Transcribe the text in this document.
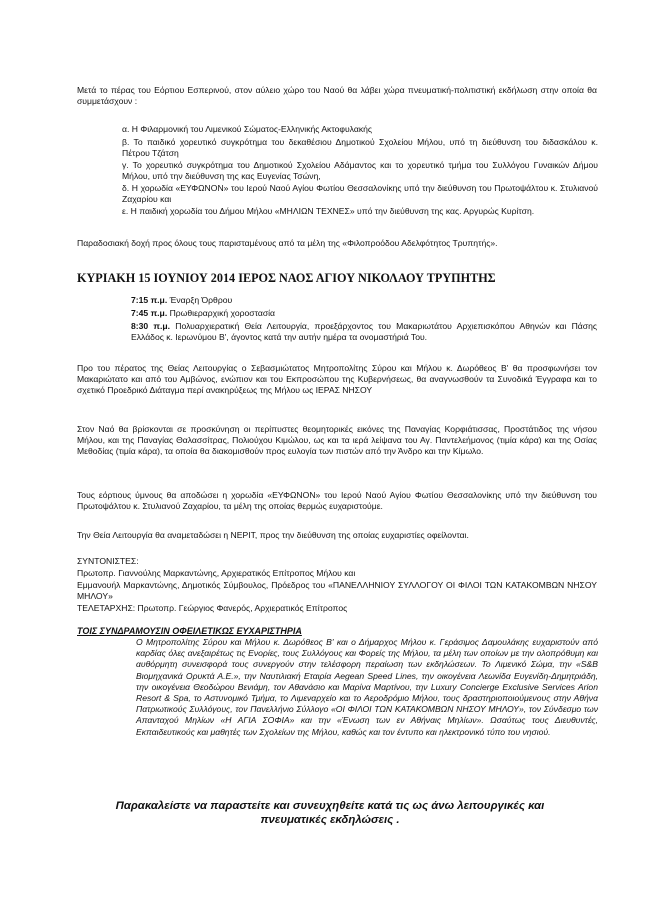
Μετά το πέρας του Εόρτιου Εσπερινού, στον αύλειο χώρο του Ναού θα λάβει χώρα πνευματική-πολιτιστική εκδήλωση στην οποία θα συμμετάσχουν :

α. Η Φιλαρμονική του Λιμενικού Σώματος-Ελληνικής Ακτοφυλακής

β. Το παιδικό χορευτικό συγκρότημα του δεκαθέσιου Δημοτικού Σχολείου Μήλου, υπό τη διεύθυνση του διδασκάλου κ. Πέτρου Τζάτση

γ. Το χορευτικό συγκρότημα του Δημοτικού Σχολείου Αδάμαντος και το χορευτικό τμήμα του Συλλόγου Γυναικών Δήμου Μήλου, υπό την διεύθυνση της κας Ευγενίας Τσώνη,

δ. Η χορωδία «ΕΥΦΩΝΟΝ» του Ιερού Ναού Αγίου Φωτίου Θεσσαλονίκης υπό την διεύθυνση του Πρωτοψάλτου κ. Στυλιανού Ζαχαρίου και

ε. Η παιδική χορωδία του Δήμου Μήλου «ΜΗΛΙΩΝ ΤΕΧΝΕΣ» υπό την διεύθυνση της κας. Αργυρώς Κυρίτση.

Παραδοσιακή δοχή προς όλους τους παρισταμένους από τα μέλη της «Φιλοπροόδου Αδελφότητος Τρυπητής».

ΚΥΡΙΑΚΗ 15 ΙΟΥΝΙΟΥ 2014 ΙΕΡΟΣ ΝΑΟΣ ΑΓΙΟΥ ΝΙΚΟΛΑΟΥ ΤΡΥΠΗΤΗΣ

7:15 π.μ. Έναρξη Όρθρου

7:45 π.μ. Πρωθιεραρχική χοροστασία

8:30 π.μ. Πολυαρχιερατική Θεία Λειτουργία, προεξάρχοντος του Μακαριωτάτου Αρχιεπισκόπου Αθηνών και Πάσης Ελλάδος κ. Ιερωνύμου Β', άγοντος κατά την αυτήν ημέρα τα ονομαστήριά Του.

Προ του πέρατος της Θείας Λειτουργίας ο Σεβασμιώτατος Μητροπολίτης Σύρου και Μήλου κ. Δωρόθεος Β' θα προσφωνήσει τον Μακαριώτατο και από του Αμβώνος, ενώπιον και του Εκπροσώπου της Κυβερνήσεως, θα αναγνωσθούν τα Συνοδικά Έγγραφα και το σχετικό Προεδρικό Διάταγμα περί ανακηρύξεως της Μήλου ως ΙΕΡΑΣ ΝΗΣΟΥ

Στον Ναό θα βρίσκονται σε προσκύνηση οι περίπυστες θεομητορικές εικόνες της Παναγίας Κορφιάτισσας, Προστάτιδος της νήσου Μήλου, και της Παναγίας Θαλασσίτρας, Πολιούχου Κιμώλου, ως και τα ιερά λείψανα του Αγ. Παντελεήμονος (τιμία κάρα) και της Οσίας Μεθοδίας (τιμία κάρα), τα οποία θα διακομισθούν προς ευλογία των πιστών από την Άνδρο και την Κίμωλο.

Τους εόρτιους ύμνους θα αποδώσει η χορωδία «ΕΥΦΩΝΟΝ» του Ιερού Ναού Αγίου Φωτίου Θεσσαλονίκης υπό την διεύθυνση του Πρωτοψάλτου κ. Στυλιανού Ζαχαρίου, τα μέλη της οποίας θερμώς ευχαριστούμε.

Την Θεία Λειτουργία θα αναμεταδώσει η ΝΕΡΙΤ, προς την διεύθυνση της οποίας ευχαριστίες οφείλονται.

ΣΥΝΤΟΝΙΣΤΕΣ:

Πρωτοπρ. Γιαννούλης Μαρκαντώνης, Αρχιερατικός Επίτροπος Μήλου και

Εμμανουήλ Μαρκαντώνης, Δημοτικός Σύμβουλος, Πρόεδρος του «ΠΑΝΕΛΛΗΝΙΟΥ ΣΥΛΛΟΓΟΥ ΟΙ ΦΙΛΟΙ ΤΩΝ ΚΑΤΑΚΟΜΒΩΝ ΝΗΣΟΥ ΜΗΛΟΥ»

ΤΕΛΕΤΑΡΧΗΣ: Πρωτοπρ. Γεώργιος Φανερός, Αρχιερατικός Επίτροπος

ΤΟΙΣ ΣΥΝΔΡΑΜΟΥΣΙΝ ΟΦΕΙΛΕΤΙΚΩΣ ΕΥΧΑΡΙΣΤΗΡΙΑ

Ο Μητροπολίτης Σύρου και Μήλου κ. Δωρόθεος Β' και ο Δήμαρχος Μήλου κ. Γεράσιμος Δαμουλάκης ευχαριστούν από καρδίας όλες ανεξαιρέτως τις Ενορίες, τους Συλλόγους και Φορείς της Μήλου, τα μέλη των οποίων με την ολοπρόθυμη και αυθόρμητη συνεισφορά τους συνεργούν στην τελέσφορη περαίωση των εκδηλώσεων. Το Λιμενικό Σώμα, την «S&B Βιομηχανικά Ορυκτά Α.Ε.», την Ναυτιλιακή Εταιρία Aegean Speed Lines, την οικογένεια Λεωνίδα Ευγενίδη-Δημητριάδη, την οικογένεια Θεοδώρου Βενιάμη, τον Αθανάσιο και Μαρίνα Μαρτίνου, την Luxury Concierge Exclusive Services Arion Resort & Spa, το Αστυνομικό Τμήμα, το Λιμεναρχείο και το Αεροδρόμιο Μήλου, τους δραστηριοποιούμενους στην Αθήνα Πατριωτικούς Συλλόγους, τον Πανελλήνιο Σύλλογο «ΟΙ ΦΙΛΟΙ ΤΩΝ ΚΑΤΑΚΟΜΒΩΝ ΝΗΣΟΥ ΜΗΛΟΥ», τον Σύνδεσμο των Απανταχού Μηλίων «Η ΑΓΙΑ ΣΟΦΙΑ» και την «Ένωση των εν Αθήναις Μηλίων». Ωσαύτως τους Διευθυντές, Εκπαιδευτικούς και μαθητές των Σχολείων της Μήλου, καθώς και τον έντυπο και ηλεκτρονικό τύπο του νησιού.

Παρακαλείστε να παραστείτε και συνευχηθείτε κατά τις ως άνω λειτουργικές και πνευματικές εκδηλώσεις .
